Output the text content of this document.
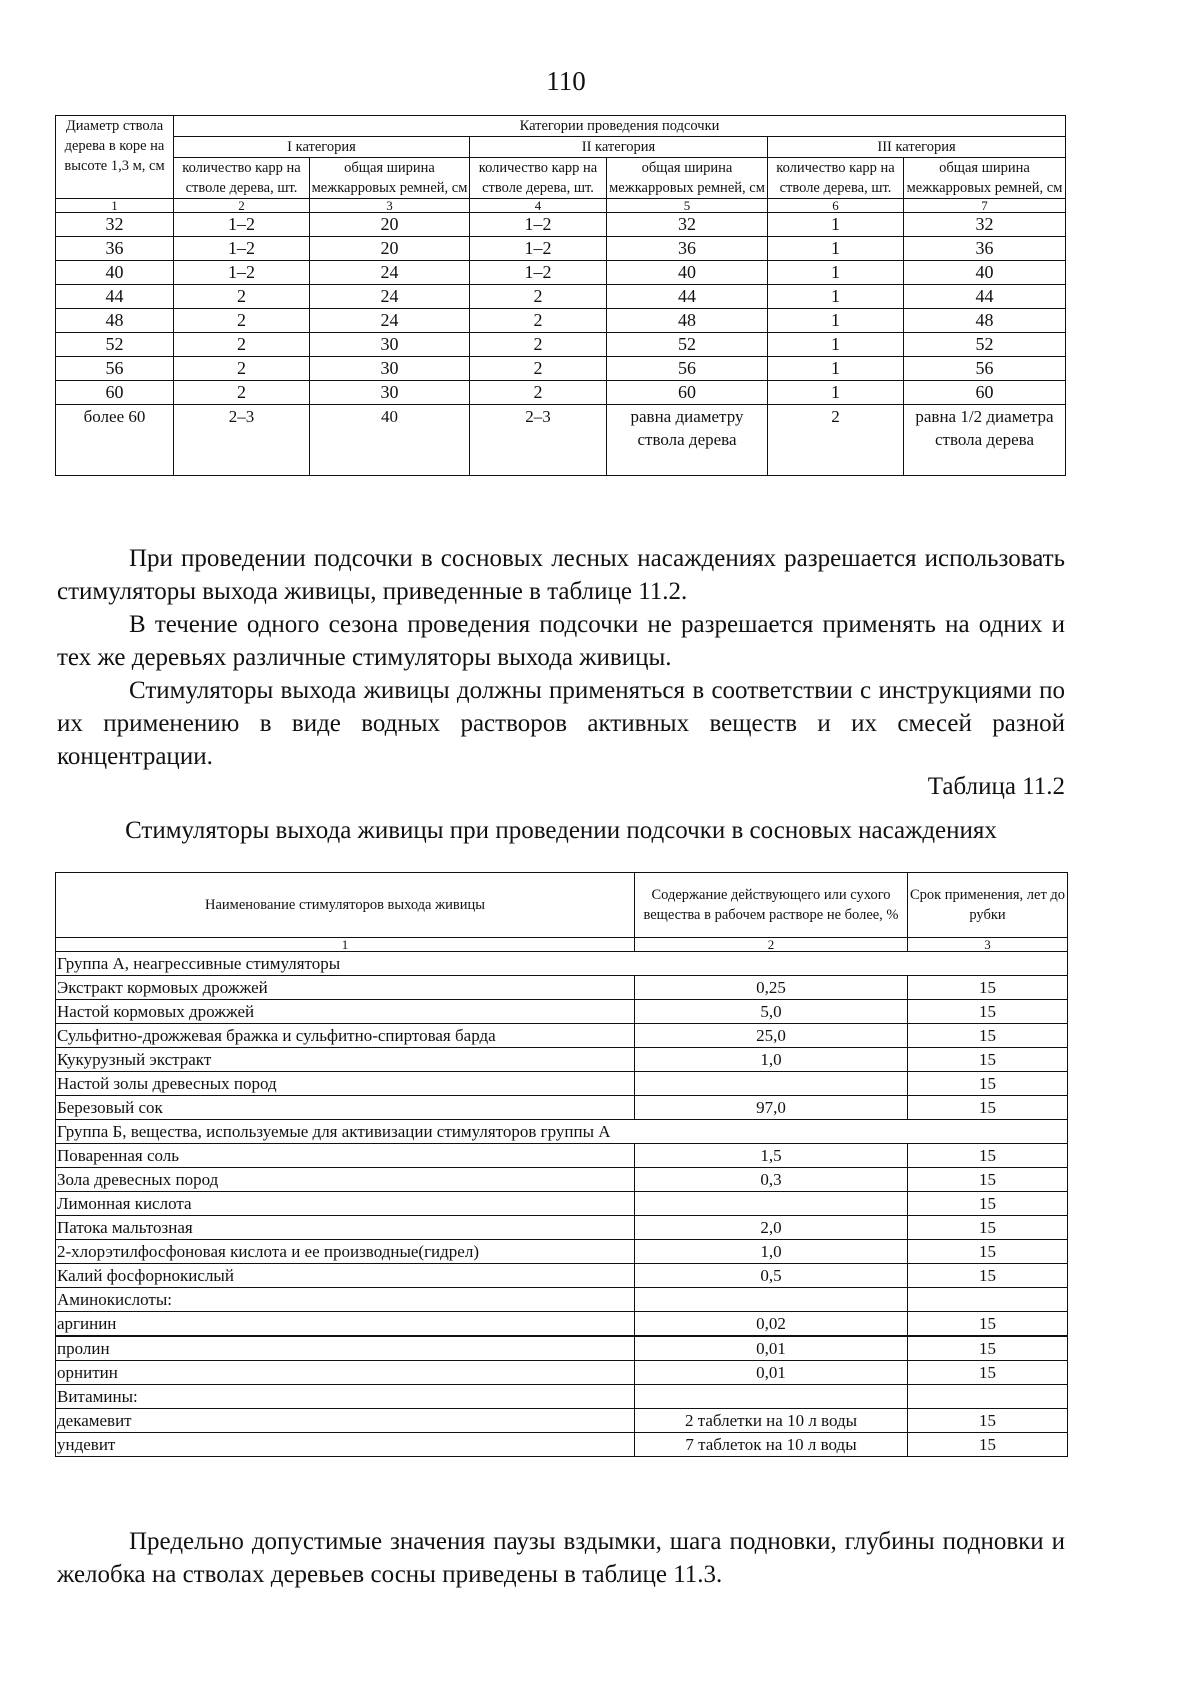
110
Диаметр ствола дерева в коре на высоте 1,3 м, см	Категории проведения подсочки					
	I категория		II категория		III категория	
	количество карр на стволе дерева, шт.	общая ширина межкарровых ремней, см	количество карр на стволе дерева, шт.	общая ширина межкарровых ремней, см	количество карр на стволе дерева, шт.	общая ширина межкарровых ремней, см
1	2	3	4	5	6	7
32	1–2	20	1–2	32	1	32
36	1–2	20	1–2	36	1	36
40	1–2	24	1–2	40	1	40
44	2	24	2	44	1	44
48	2	24	2	48	1	48
52	2	30	2	52	1	52
56	2	30	2	56	1	56
60	2	30	2	60	1	60
более 60	2–3	40	2–3	равна диаметру ствола дерева	2	равна 1/2 диаметра ствола дерева

При проведении подсочки в сосновых лесных насаждениях разрешается использовать стимуляторы выхода живицы, приведенные в таблице 11.2.

В течение одного сезона проведения подсочки не разрешается применять на одних и тех же деревьях различные стимуляторы выхода живицы.

Стимуляторы выхода живицы должны применяться в соответствии с инструкциями по их применению в виде водных растворов активных веществ и их смесей разной концентрации.

Таблица 11.2
Стимуляторы выхода живицы при проведении подсочки в сосновых насаждениях
Наименование стимуляторов выхода живицы	Содержание действующего или сухого вещества в рабочем растворе не более, %	Срок применения, лет до рубки
1	2	3
Группа А, неагрессивные стимуляторы		
Экстракт кормовых дрожжей	0,25	15
Настой кормовых дрожжей	5,0	15
Сульфитно-дрожжевая бражка и сульфитно-спиртовая барда	25,0	15
Кукурузный экстракт	1,0	15
Настой золы древесных пород		15
Березовый сок	97,0	15
Группа Б, вещества, используемые для активизации стимуляторов группы А		
Поваренная соль	1,5	15
Зола древесных пород	0,3	15
Лимонная кислота		15
Патока мальтозная	2,0	15
2-хлорэтилфосфоновая кислота и ее производные(гидрел)	1,0	15
Калий фосфорнокислый	0,5	15
Аминокислоты:		
аргинин	0,02	15
пролин	0,01	15
орнитин	0,01	15
Витамины:		
декамевит	2 таблетки на 10 л воды	15
ундевит	7 таблеток на 10 л воды	15

Предельно допустимые значения паузы вздымки, шага подновки, глубины подновки и желобка на стволах деревьев сосны приведены в таблице 11.3.
